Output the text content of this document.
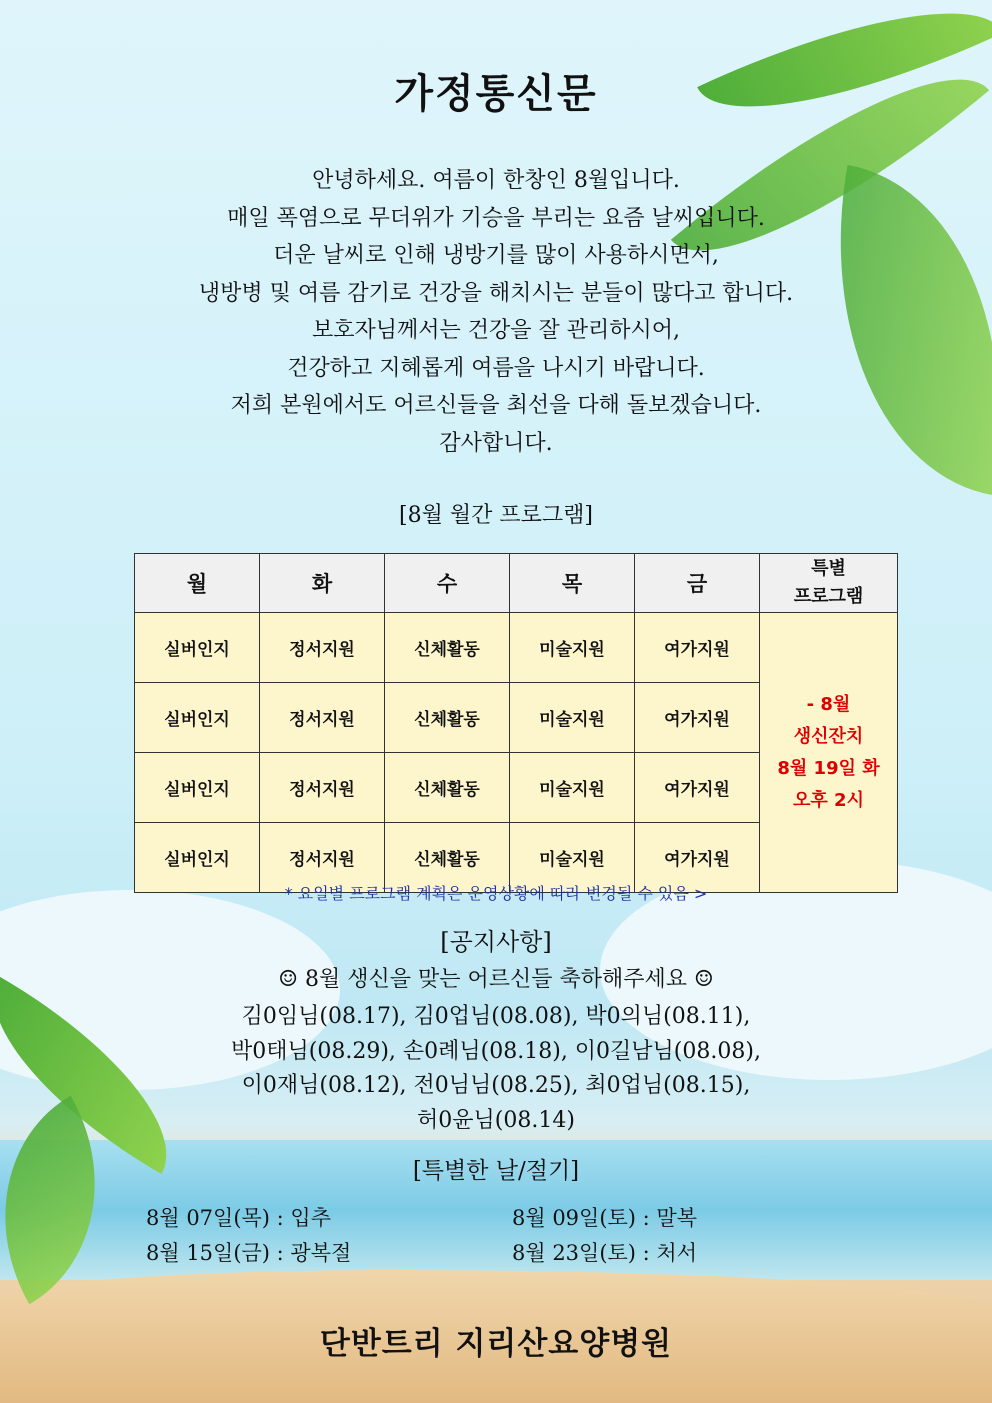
가정통신문
안녕하세요. 여름이 한창인 8월입니다.
매일 폭염으로 무더위가 기승을 부리는 요즘 날씨입니다.
더운 날씨로 인해 냉방기를 많이 사용하시면서,
냉방병 및 여름 감기로 건강을 해치시는 분들이 많다고 합니다.
보호자님께서는 건강을 잘 관리하시어,
건강하고 지혜롭게 여름을 나시기 바랍니다.
저희 본원에서도 어르신들을 최선을 다해 돌보겠습니다.
감사합니다.
[8월 월간 프로그램]
월	화	수	목	금	특별
프로그램

실버인지	정서지원	신체활동	미술지원	여가지원	- 8월
생신잔치
8월 19일 화
오후 2시

실버인지	정서지원	신체활동	미술지원	여가지원	
실버인지	정서지원	신체활동	미술지원	여가지원	
실버인지	정서지원	신체활동	미술지원	여가지원	
* 요일별 프로그램 계획은 운영상황에 따라 변경될 수 있음 >
[공지사항]
☺ 8월 생신을 맞는 어르신들 축하해주세요 ☺
김0임님(08.17), 김0업님(08.08), 박0의님(08.11),
박0태님(08.29), 손0례님(08.18), 이0길남님(08.08),
이0재님(08.12), 전0님님(08.25), 최0업님(08.15),
허0윤님(08.14)
[특별한 날/절기]
8월 07일(목) : 입추	8월 09일(토) : 말복
8월 15일(금) : 광복절	8월 23일(토) : 처서
단반트리 지리산요양병원
